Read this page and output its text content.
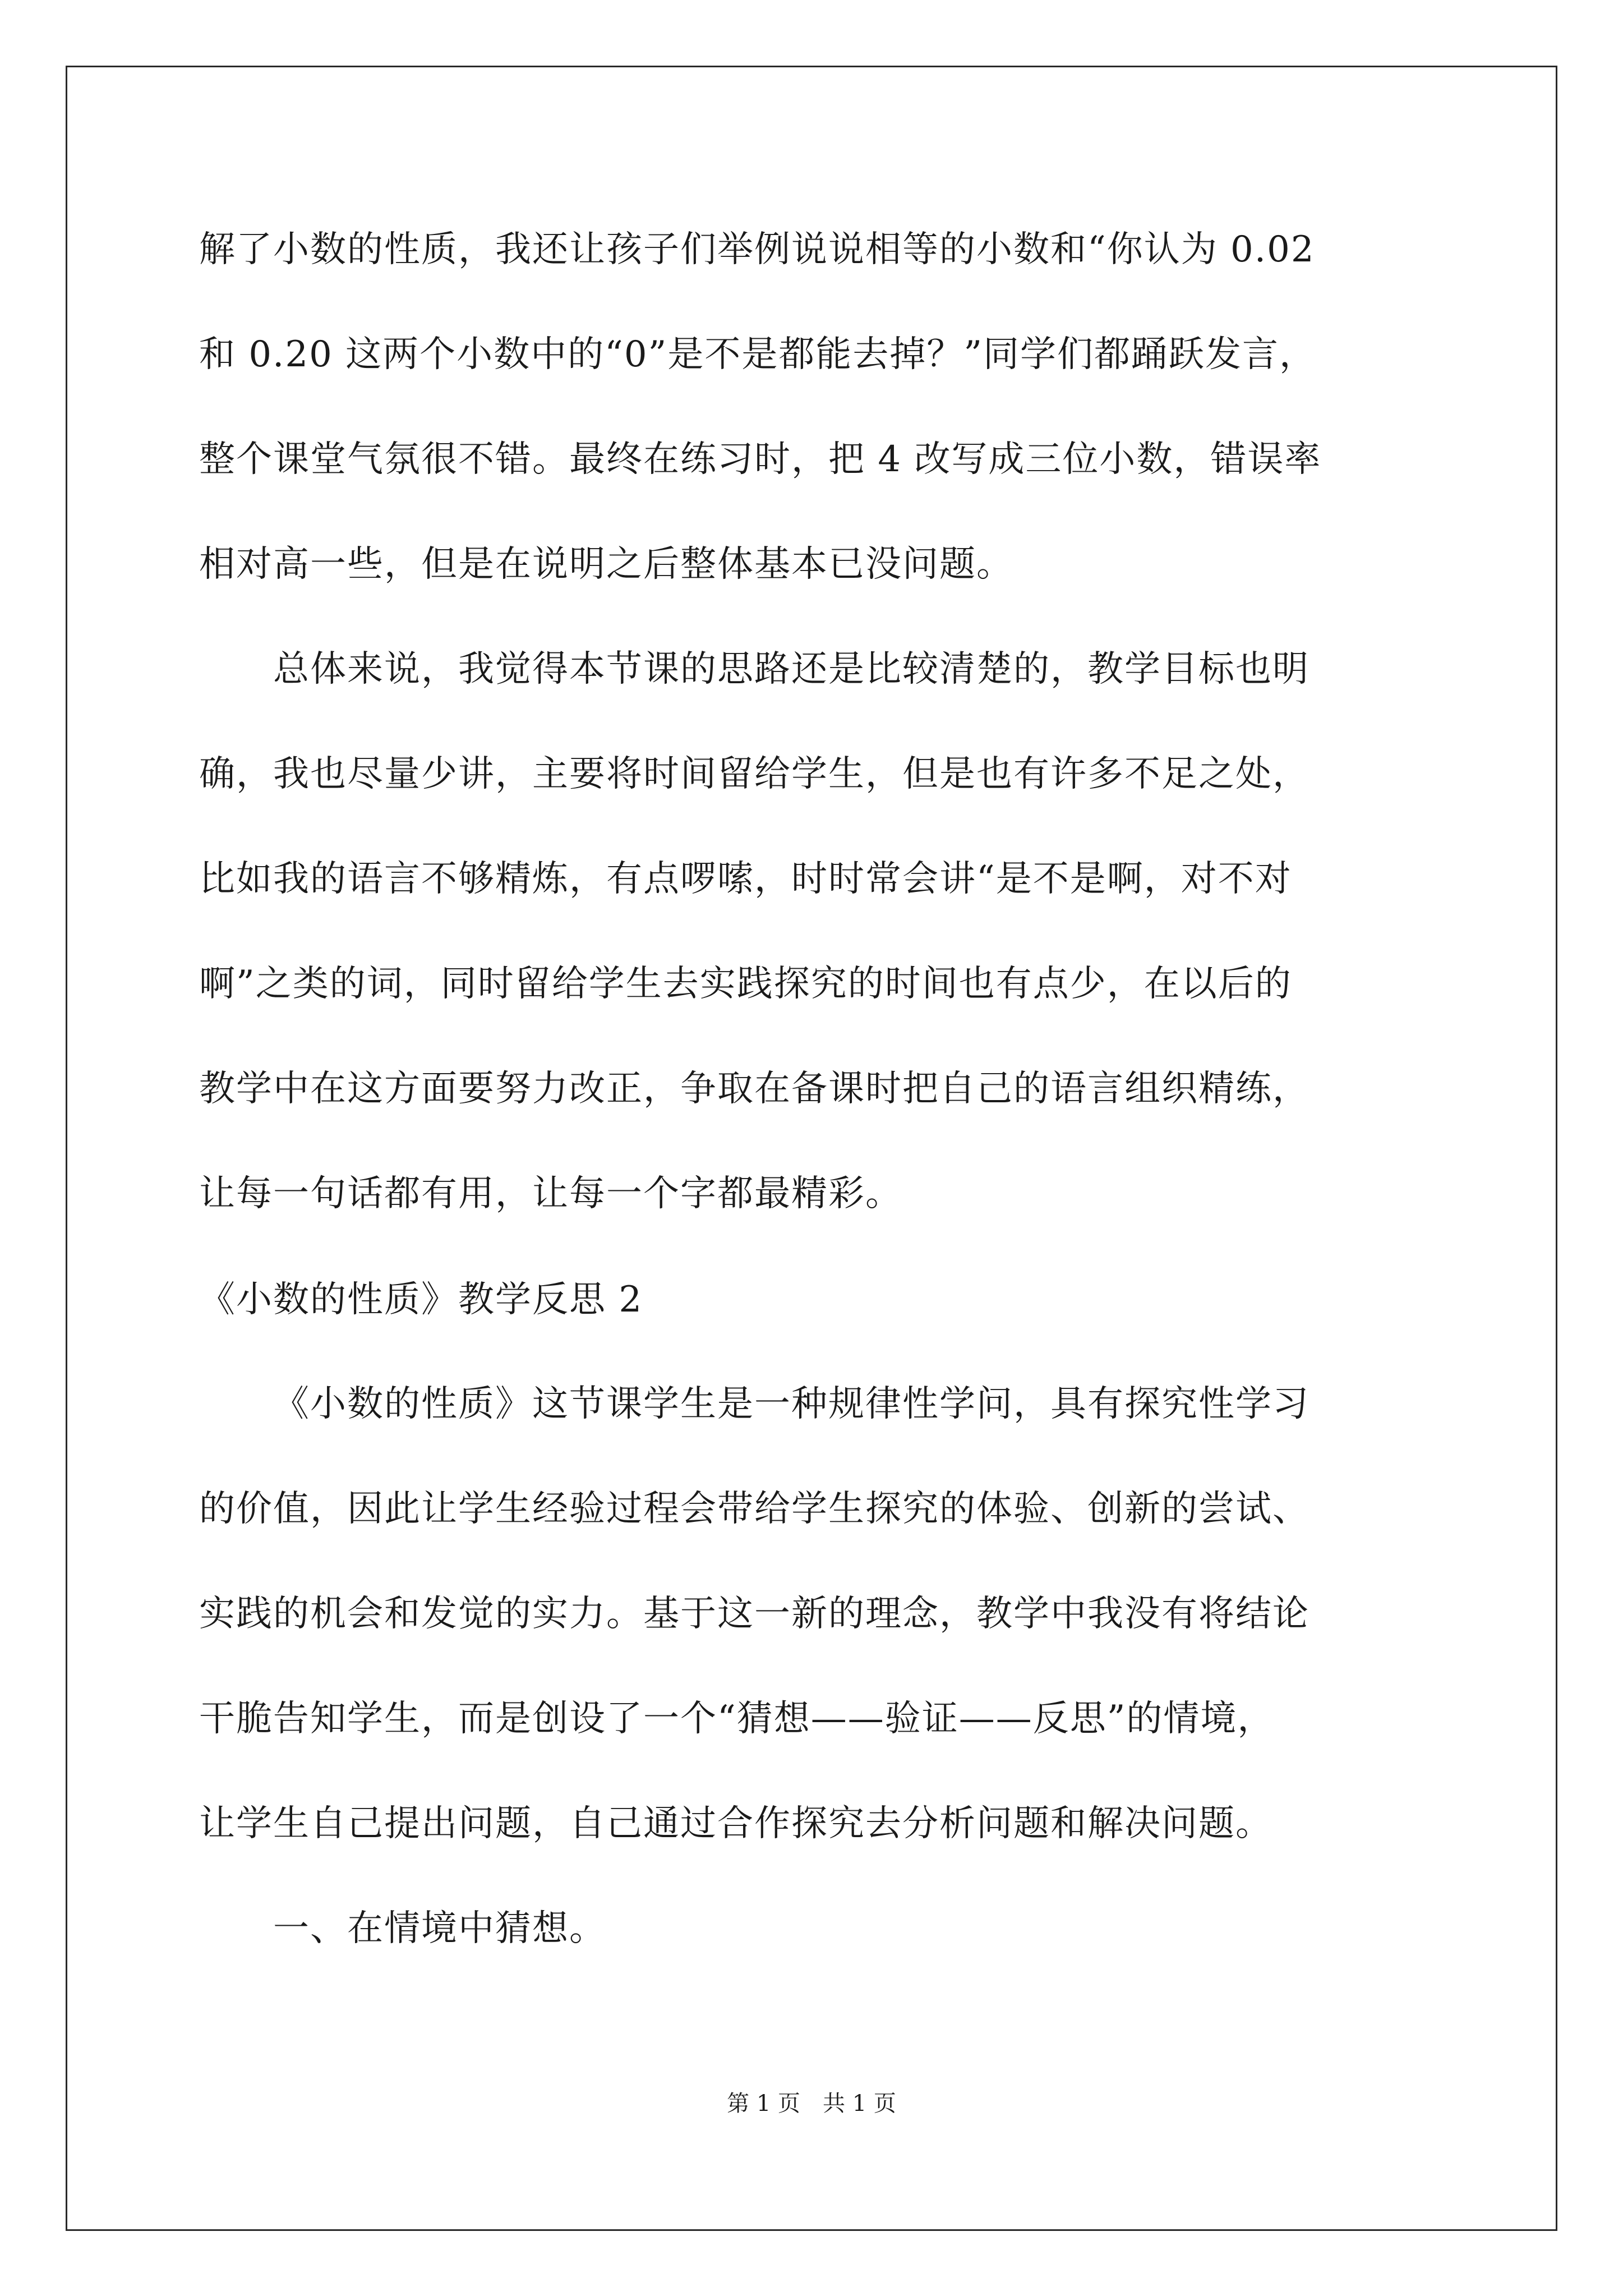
解了小数的性质，我还让孩子们举例说说相等的小数和“你认为 0.02
和 0.20 这两个小数中的“0”是不是都能去掉？”同学们都踊跃发言，
整个课堂气氛很不错。最终在练习时，把 4 改写成三位小数，错误率
相对高一些，但是在说明之后整体基本已没问题。
总体来说，我觉得本节课的思路还是比较清楚的，教学目标也明
确，我也尽量少讲，主要将时间留给学生，但是也有许多不足之处，
比如我的语言不够精炼，有点啰嗦，时时常会讲“是不是啊，对不对
啊”之类的词，同时留给学生去实践探究的时间也有点少，在以后的
教学中在这方面要努力改正，争取在备课时把自己的语言组织精练，
让每一句话都有用，让每一个字都最精彩。
《小数的性质》教学反思 2
《小数的性质》这节课学生是一种规律性学问，具有探究性学习
的价值，因此让学生经验过程会带给学生探究的体验、创新的尝试、
实践的机会和发觉的实力。基于这一新的理念，教学中我没有将结论
干脆告知学生，而是创设了一个“猜想——验证——反思”的情境，
让学生自己提出问题，自己通过合作探究去分析问题和解决问题。
一、在情境中猜想。
第 1 页　共 1 页
